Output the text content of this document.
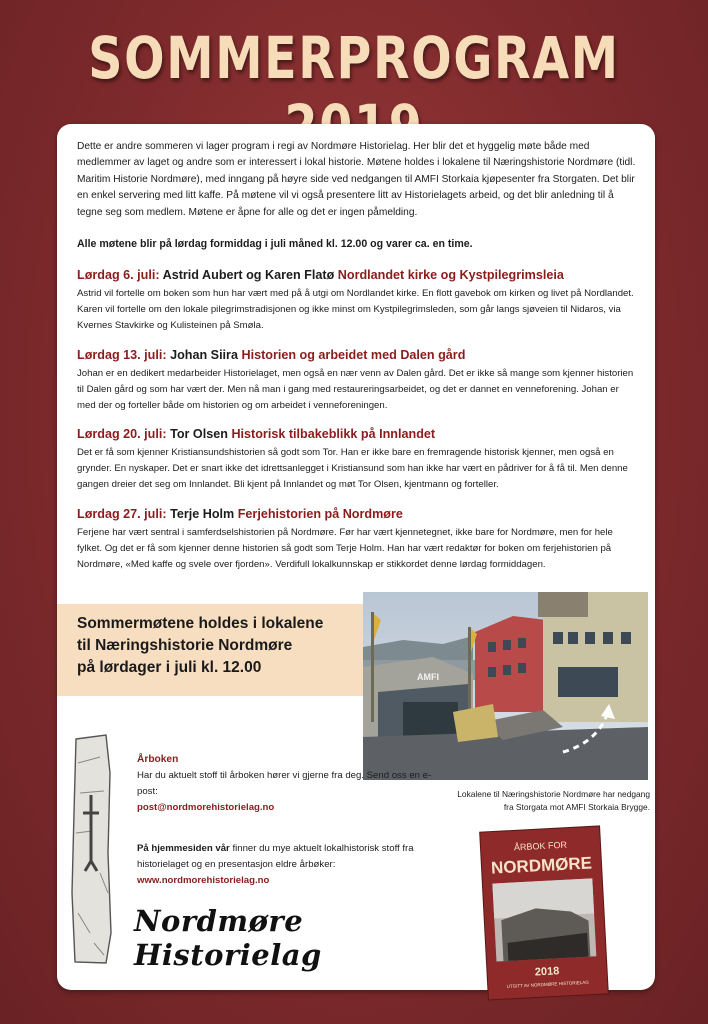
SOMMERPROGRAM
Dette er andre sommeren vi lager program i regi av Nordmøre Historielag. Her blir det et hyggelig møte både med medlemmer av laget og andre som er interessert i lokal historie. Møtene holdes i lokalene til Næringshistorie Nordmøre (tidl. Maritim Historie Nordmøre), med inngang på høyre side ved nedgangen til AMFI Storkaia kjøpesenter fra Storgaten. Det blir en enkel servering med litt kaffe. På møtene vil vi også presentere litt av Historielagets arbeid, og det blir anledning til å tegne seg som medlem. Møtene er åpne for alle og det er ingen påmelding.
Alle møtene blir på lørdag formiddag i juli måned kl. 12.00 og varer ca. en time.
Lørdag 6. juli: Astrid Aubert og Karen Flatø Nordlandet kirke og Kystpilegrimsleia

Astrid vil fortelle om boken som hun har vært med på å utgi om Nordlandet kirke. En flott gavebok om kirken og livet på Nordlandet. Karen vil fortelle om den lokale pilegrimstradisjonen og ikke minst om Kystpilegrimsleden, som går langs sjøveien til Nidaros, via Kvernes Stavkirke og Kulisteinen på Smøla.

Lørdag 13. juli: Johan Siira Historien og arbeidet med Dalen gård

Johan er en dedikert medarbeider Historielaget, men også en nær venn av Dalen gård. Det er ikke så mange som kjenner historien til Dalen gård og som har vært der. Men nå man i gang med restaureringsarbeidet, og det er dannet en venneforening. Johan er med der og forteller både om historien og om arbeidet i venneforeningen.

Lørdag 20. juli: Tor Olsen Historisk tilbakeblikk på Innlandet

Det er få som kjenner Kristiansundshistorien så godt som Tor. Han er ikke bare en fremragende historisk kjenner, men også en grynder. En nyskaper. Det er snart ikke det idrettsanlegget i Kristiansund som han ikke har vært en pådriver for å få til. Men denne gangen dreier det seg om Innlandet. Bli kjent på Innlandet og møt Tor Olsen, kjentmann og forteller.

Lørdag 27. juli: Terje Holm Ferjehistorien på Nordmøre

Ferjene har vært sentral i samferdselshistorien på Nordmøre. Før har vært kjennetegnet, ikke bare for Nordmøre, men for hele fylket. Og det er få som kjenner denne historien så godt som Terje Holm. Han har vært redaktør for boken om ferjehistorien på Nordmøre, «Med kaffe og svele over fjorden». Verdifull lokalkunnskap er stikkordet denne lørdag formiddagen.

Sommermøtene holdes i lokalene
til Næringshistorie Nordmøre
på lørdager i juli kl. 12.00
AMFI
Lokalene til Næringshistorie Nordmøre har nedgang
fra Storgata mot AMFI Storkaia Brygge.
Årboken
Har du aktuelt stoff til årboken hører vi gjerne fra deg. Send oss en e-post:
post@nordmorehistorielag.no
På hjemmesiden vår finner du mye aktuelt lokalhistorisk stoff fra historielaget og en presentasjon eldre årbøker:
www.nordmorehistorielag.no
Nordmøre Historielag
ÅRBOK FOR
NORDMØRE
2018
UTGITT AV NORDMØRE HISTORIELAG
